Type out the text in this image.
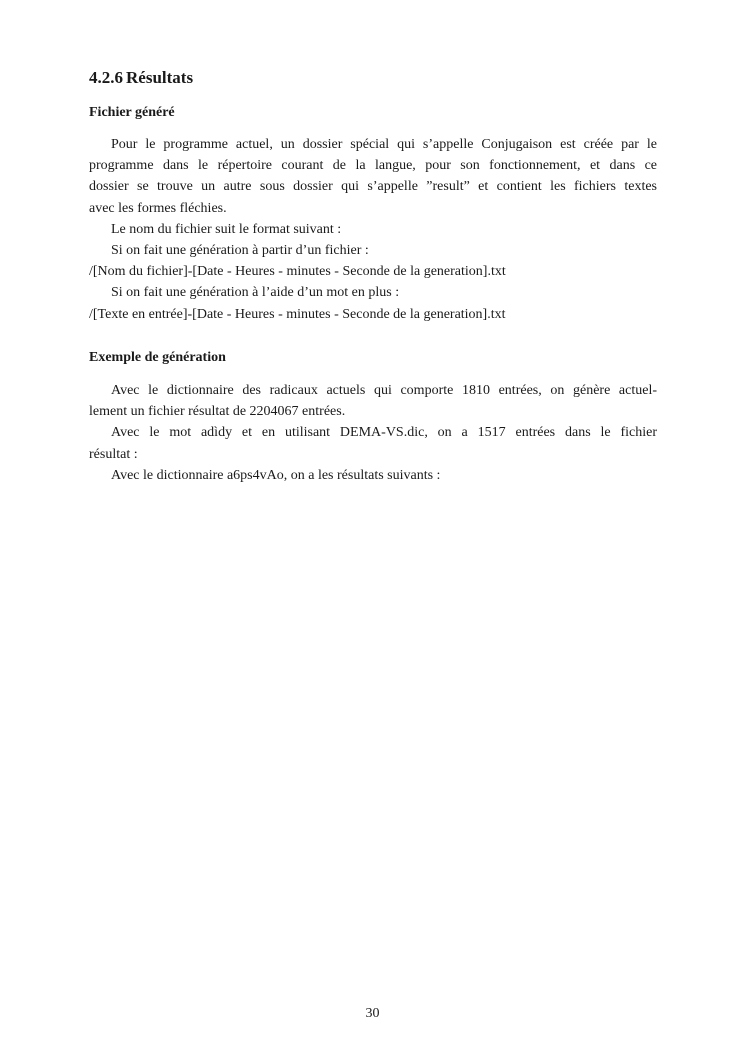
4.2.6 Résultats
Fichier généré
Pour le programme actuel, un dossier spécial qui s’appelle Conjugaison est créée par le
programme dans le répertoire courant de la langue, pour son fonctionnement, et dans ce
dossier se trouve un autre sous dossier qui s’appelle ”result” et contient les fichiers textes
avec les formes fléchies.

Le nom du fichier suit le format suivant :

Si on fait une génération à partir d’un fichier :

/[Nom du fichier]-[Date - Heures - minutes - Seconde de la generation].txt

Si on fait une génération à l’aide d’un mot en plus :

/[Texte en entrée]-[Date - Heures - minutes - Seconde de la generation].txt

Exemple de génération
Avec le dictionnaire des radicaux actuels qui comporte 1810 entrées, on génère actuel-
lement un fichier résultat de 2204067 entrées.
Avec le mot adìdy et en utilisant DEMA-VS.dic, on a 1517 entrées dans le fichier
résultat :

Avec le dictionnaire a6ps4vAo, on a les résultats suivants :

30
